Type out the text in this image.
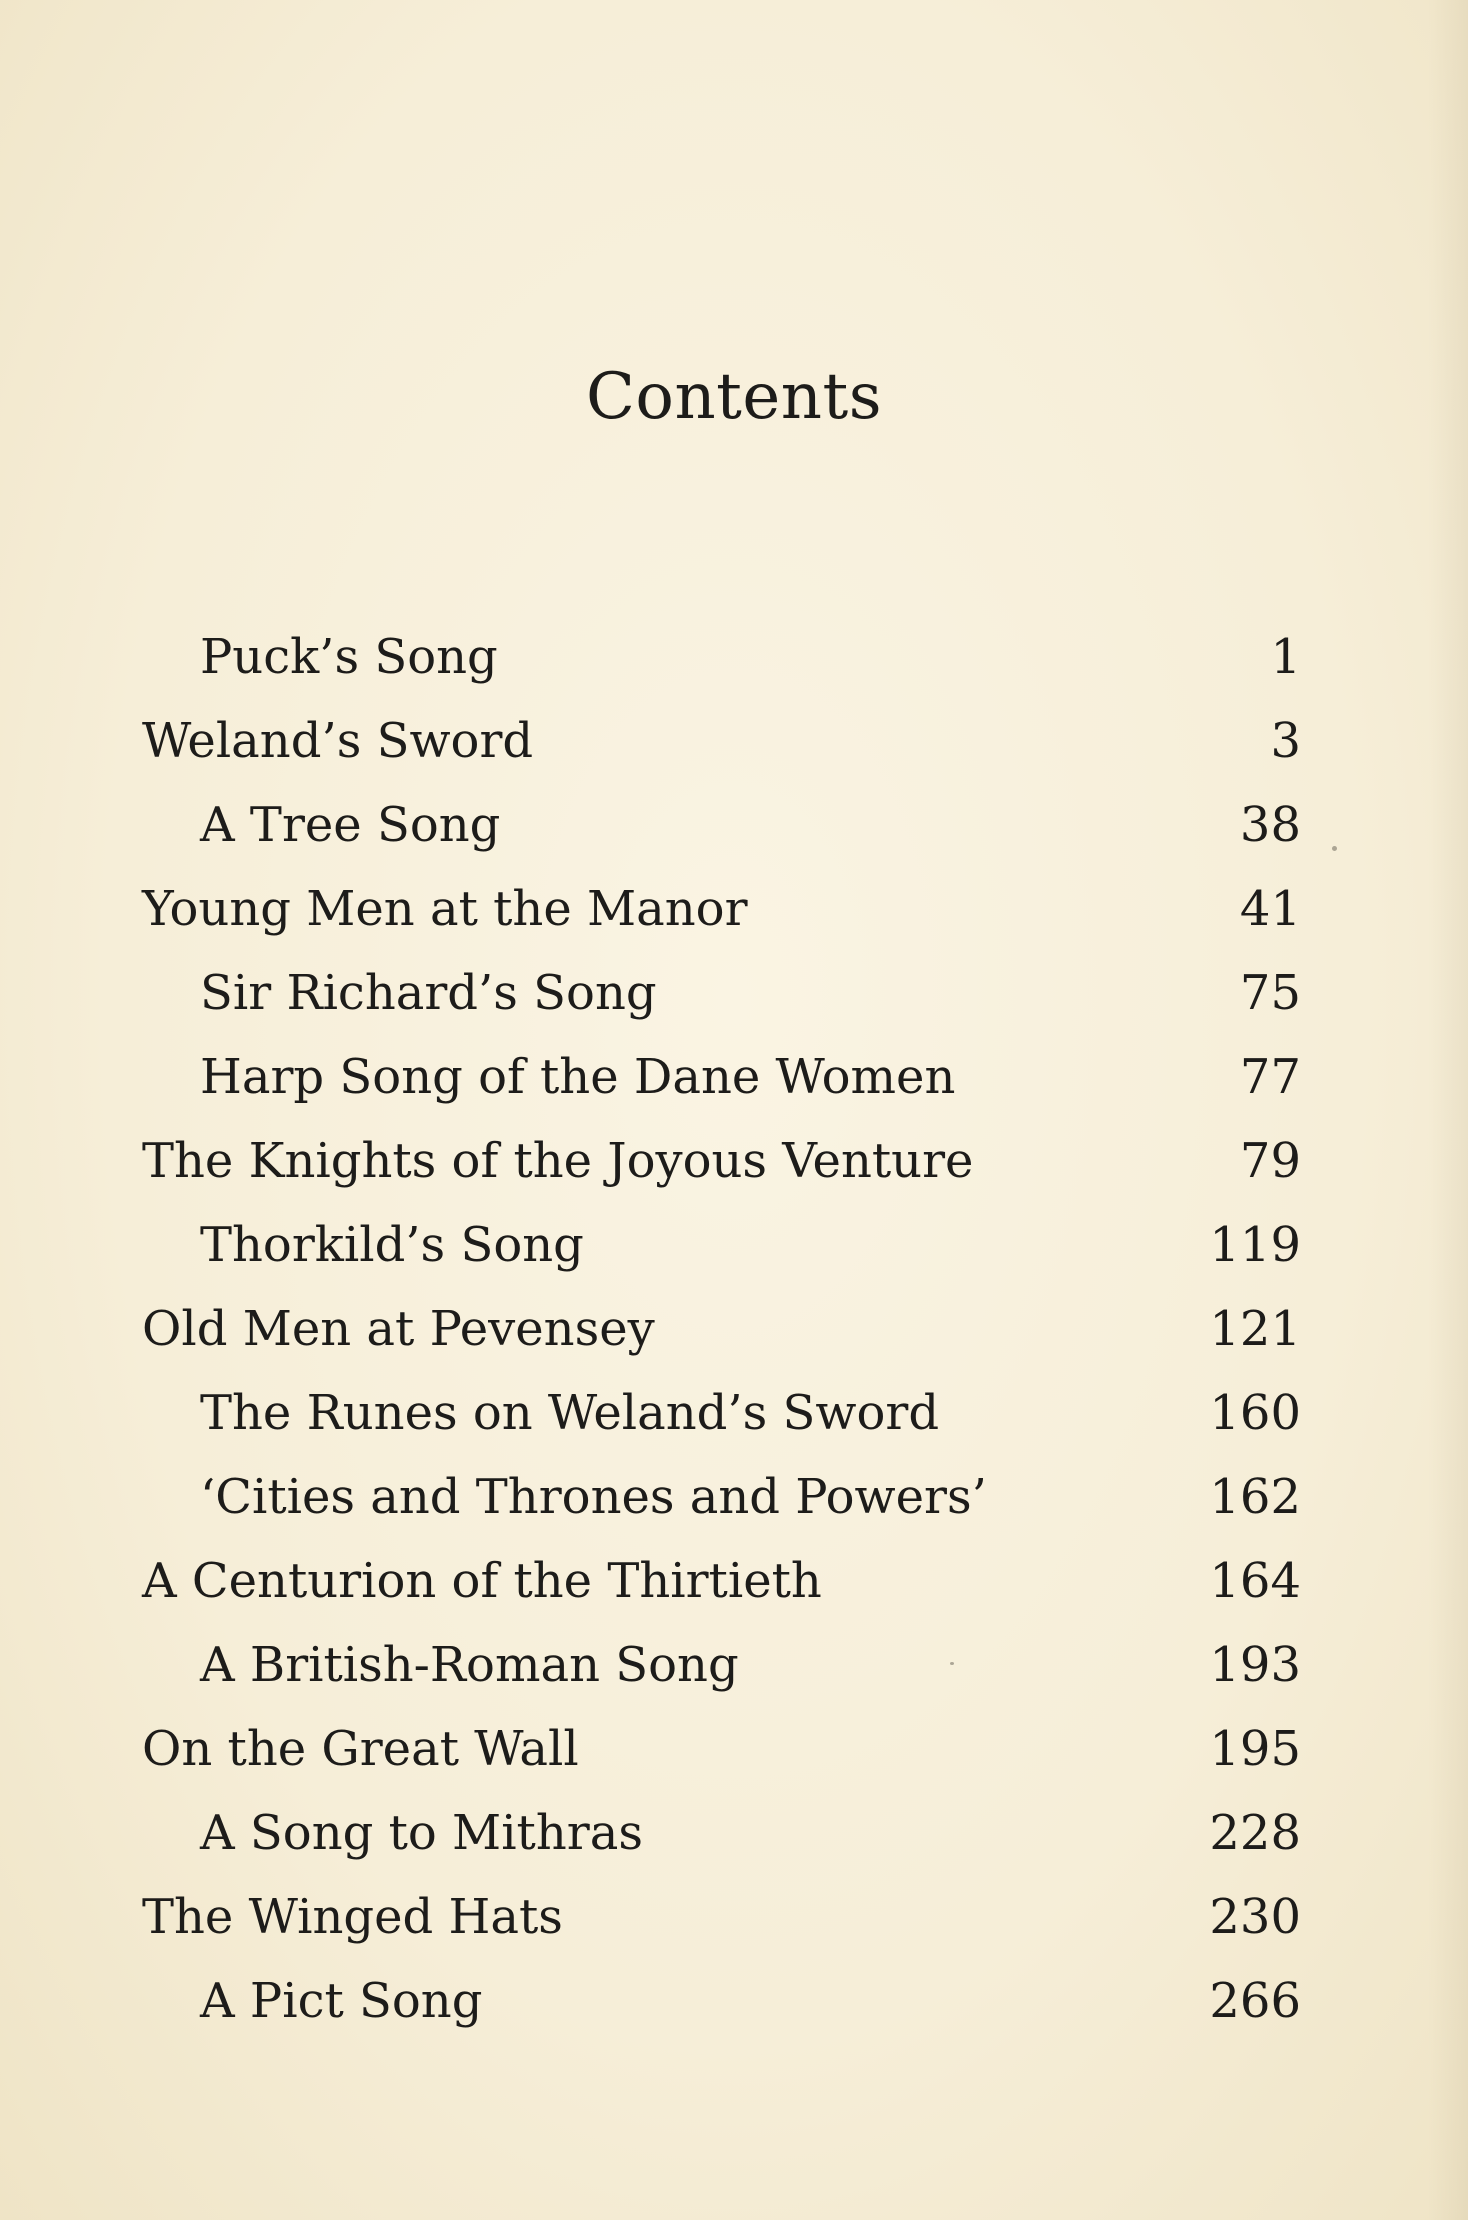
Contents
Puck’s Song	1
Weland’s Sword	3
A Tree Song	38
Young Men at the Manor	41
Sir Richard’s Song	75
Harp Song of the Dane Women	77
The Knights of the Joyous Venture	79
Thorkild’s Song	119
Old Men at Pevensey	121
The Runes on Weland’s Sword	160
‘Cities and Thrones and Powers’	162
A Centurion of the Thirtieth	164
A British-Roman Song	193
On the Great Wall	195
A Song to Mithras	228
The Winged Hats	230
A Pict Song	266
